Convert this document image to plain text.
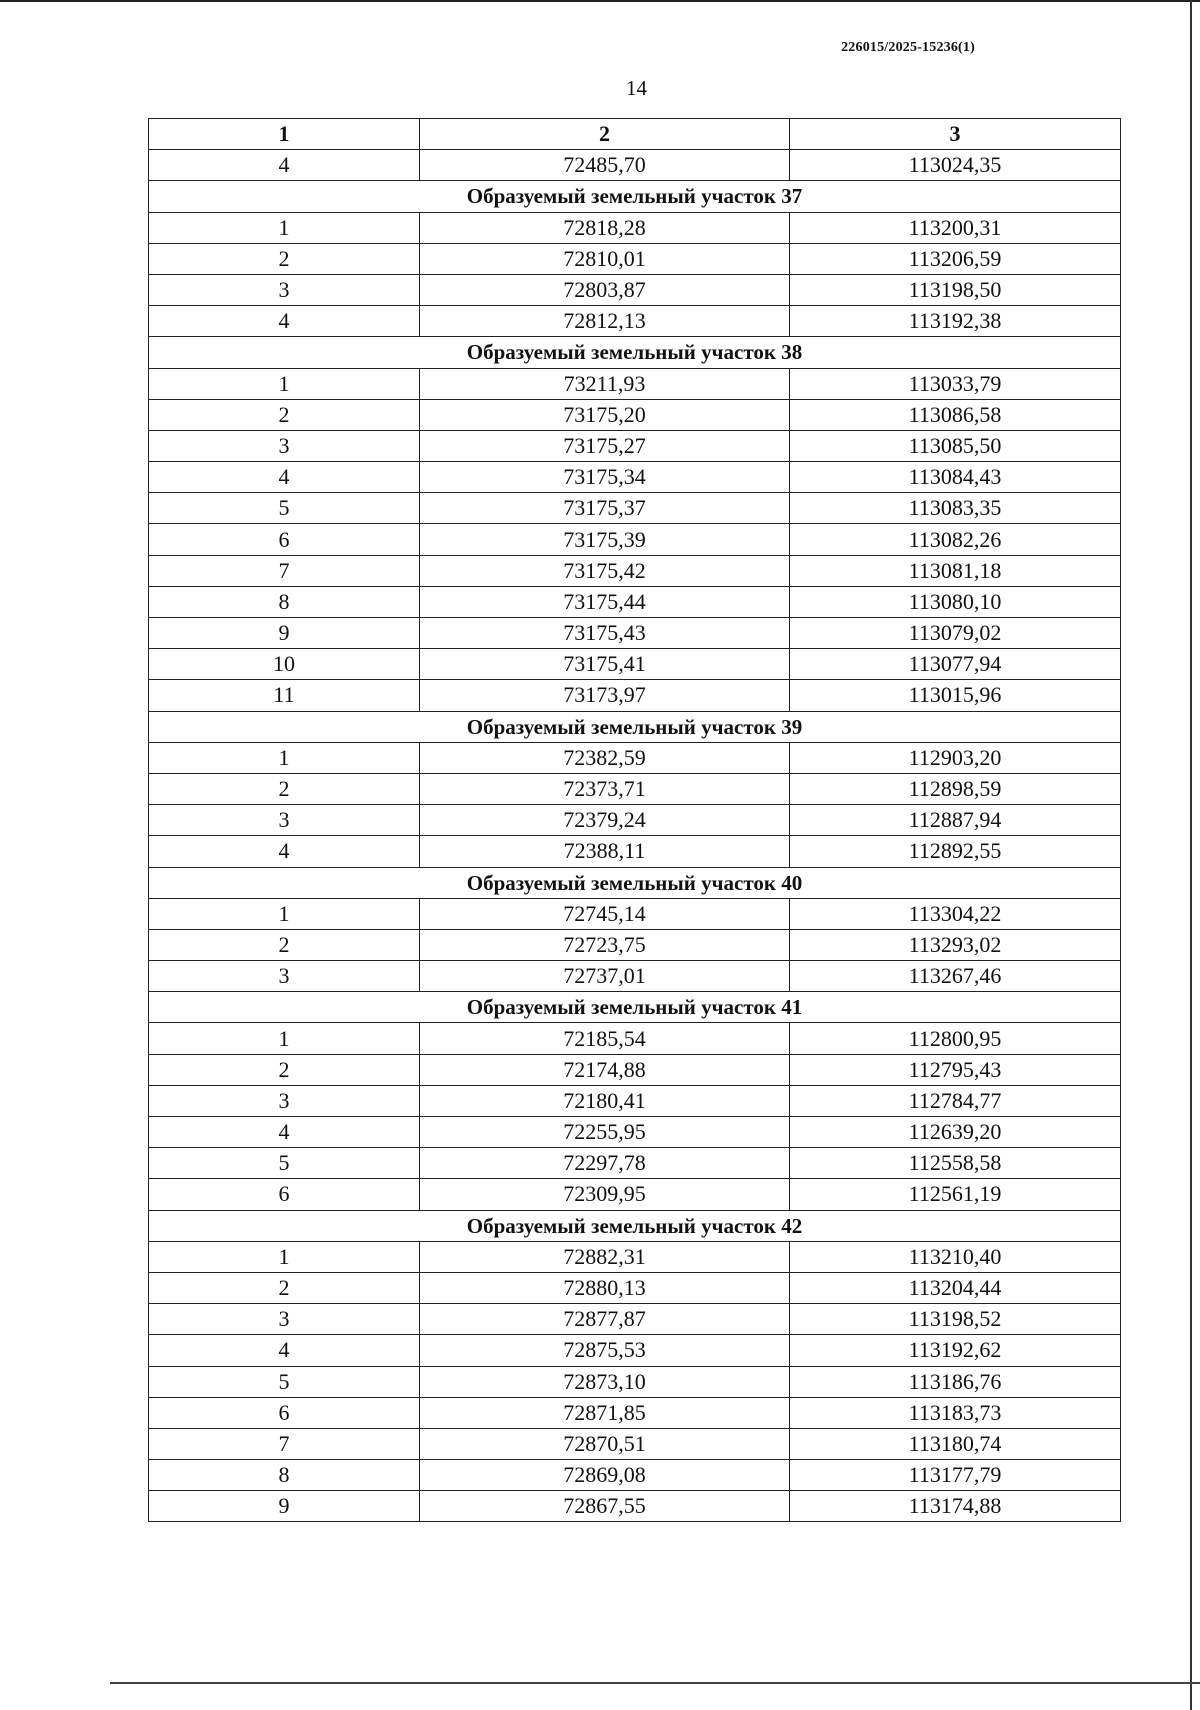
226015/2025-15236(1)
14
1	2	3
4	72485,70	113024,35
Образуемый земельный участок 37		
1	72818,28	113200,31
2	72810,01	113206,59
3	72803,87	113198,50
4	72812,13	113192,38
Образуемый земельный участок 38		
1	73211,93	113033,79
2	73175,20	113086,58
3	73175,27	113085,50
4	73175,34	113084,43
5	73175,37	113083,35
6	73175,39	113082,26
7	73175,42	113081,18
8	73175,44	113080,10
9	73175,43	113079,02
10	73175,41	113077,94
11	73173,97	113015,96
Образуемый земельный участок 39		
1	72382,59	112903,20
2	72373,71	112898,59
3	72379,24	112887,94
4	72388,11	112892,55
Образуемый земельный участок 40		
1	72745,14	113304,22
2	72723,75	113293,02
3	72737,01	113267,46
Образуемый земельный участок 41		
1	72185,54	112800,95
2	72174,88	112795,43
3	72180,41	112784,77
4	72255,95	112639,20
5	72297,78	112558,58
6	72309,95	112561,19
Образуемый земельный участок 42		
1	72882,31	113210,40
2	72880,13	113204,44
3	72877,87	113198,52
4	72875,53	113192,62
5	72873,10	113186,76
6	72871,85	113183,73
7	72870,51	113180,74
8	72869,08	113177,79
9	72867,55	113174,88
